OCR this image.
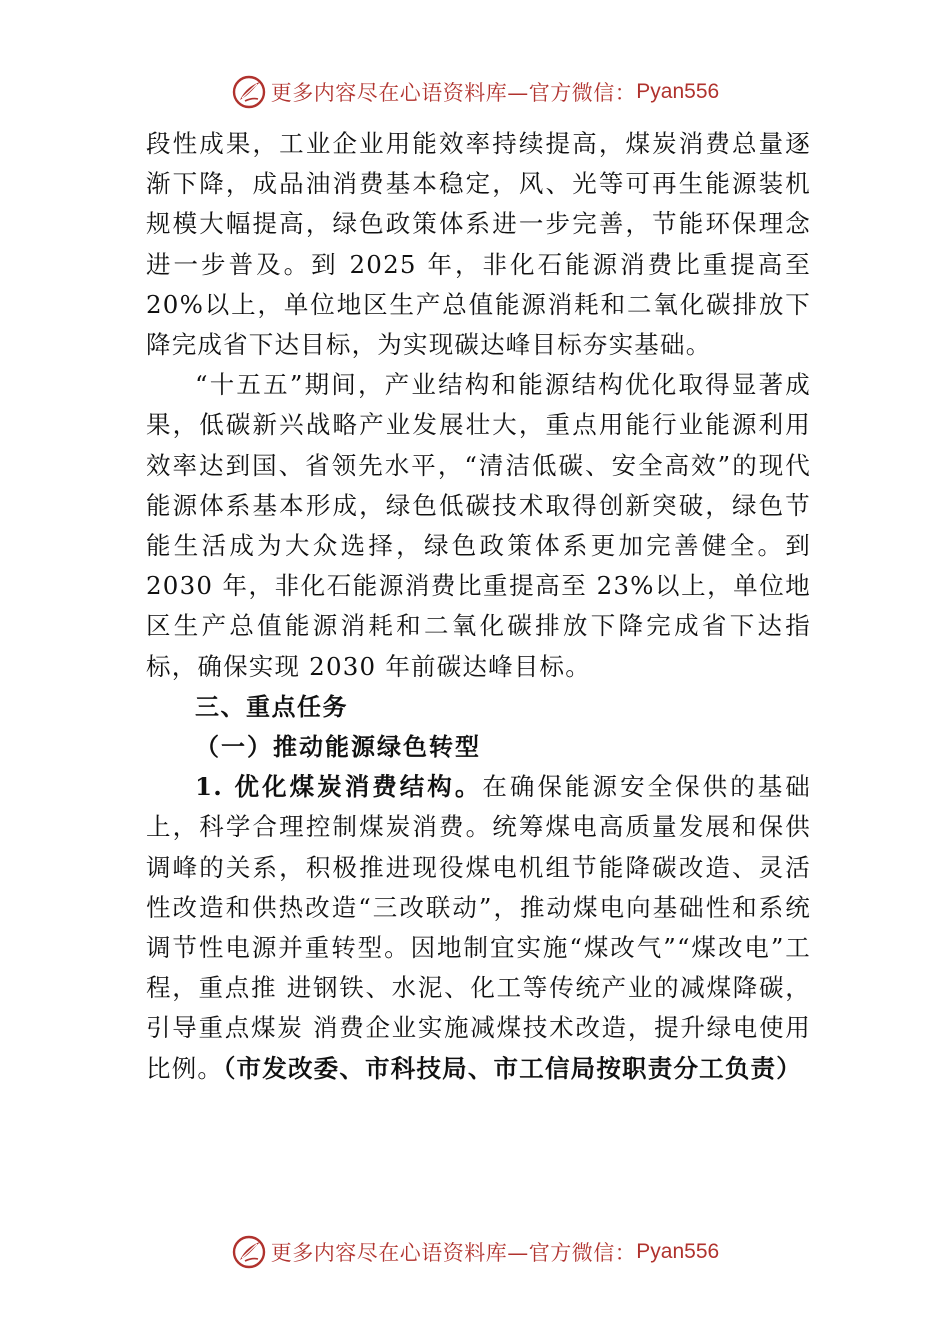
更多内容尽在心语资料库—官方微信： Pyan556

段性成果，工业企业用能效率持续提高，煤炭消费总量逐渐下降，成品油消费基本稳定，风、光等可再生能源装机规模大幅提高，绿色政策体系进一步完善，节能环保理念进一步普及。到 2025 年，非化石能源消费比重提高至 20%以上，单位地区生产总值能源消耗和二氧化碳排放下降完成省下达目标，为实现碳达峰目标夯实基础。

“十五五”期间，产业结构和能源结构优化取得显著成果，低碳新兴战略产业发展壮大，重点用能行业能源利用效率达到国、省领先水平，“清洁低碳、安全高效”的现代能源体系基本形成，绿色低碳技术取得创新突破，绿色节能生活成为大众选择，绿色政策体系更加完善健全。到 2030 年，非化石能源消费比重提高至 23%以上，单位地区生产总值能源消耗和二氧化碳排放下降完成省下达指标，确保实现 2030 年前碳达峰目标。

三、重点任务

（一）推动能源绿色转型

1. 优化煤炭消费结构。在确保能源安全保供的基础上，科学合理控制煤炭消费。统筹煤电高质量发展和保供调峰的关系，积极推进现役煤电机组节能降碳改造、灵活性改造和供热改造“三改联动”，推动煤电向基础性和系统调节性电源并重转型。因地制宜实施“煤改气”“煤改电”工程，重点推 进钢铁、水泥、化工等传统产业的减煤降碳，引导重点煤炭 消费企业实施减煤技术改造，提升绿电使用比例。（市发改委、市科技局、市工信局按职责分工负责）

更多内容尽在心语资料库—官方微信： Pyan556
